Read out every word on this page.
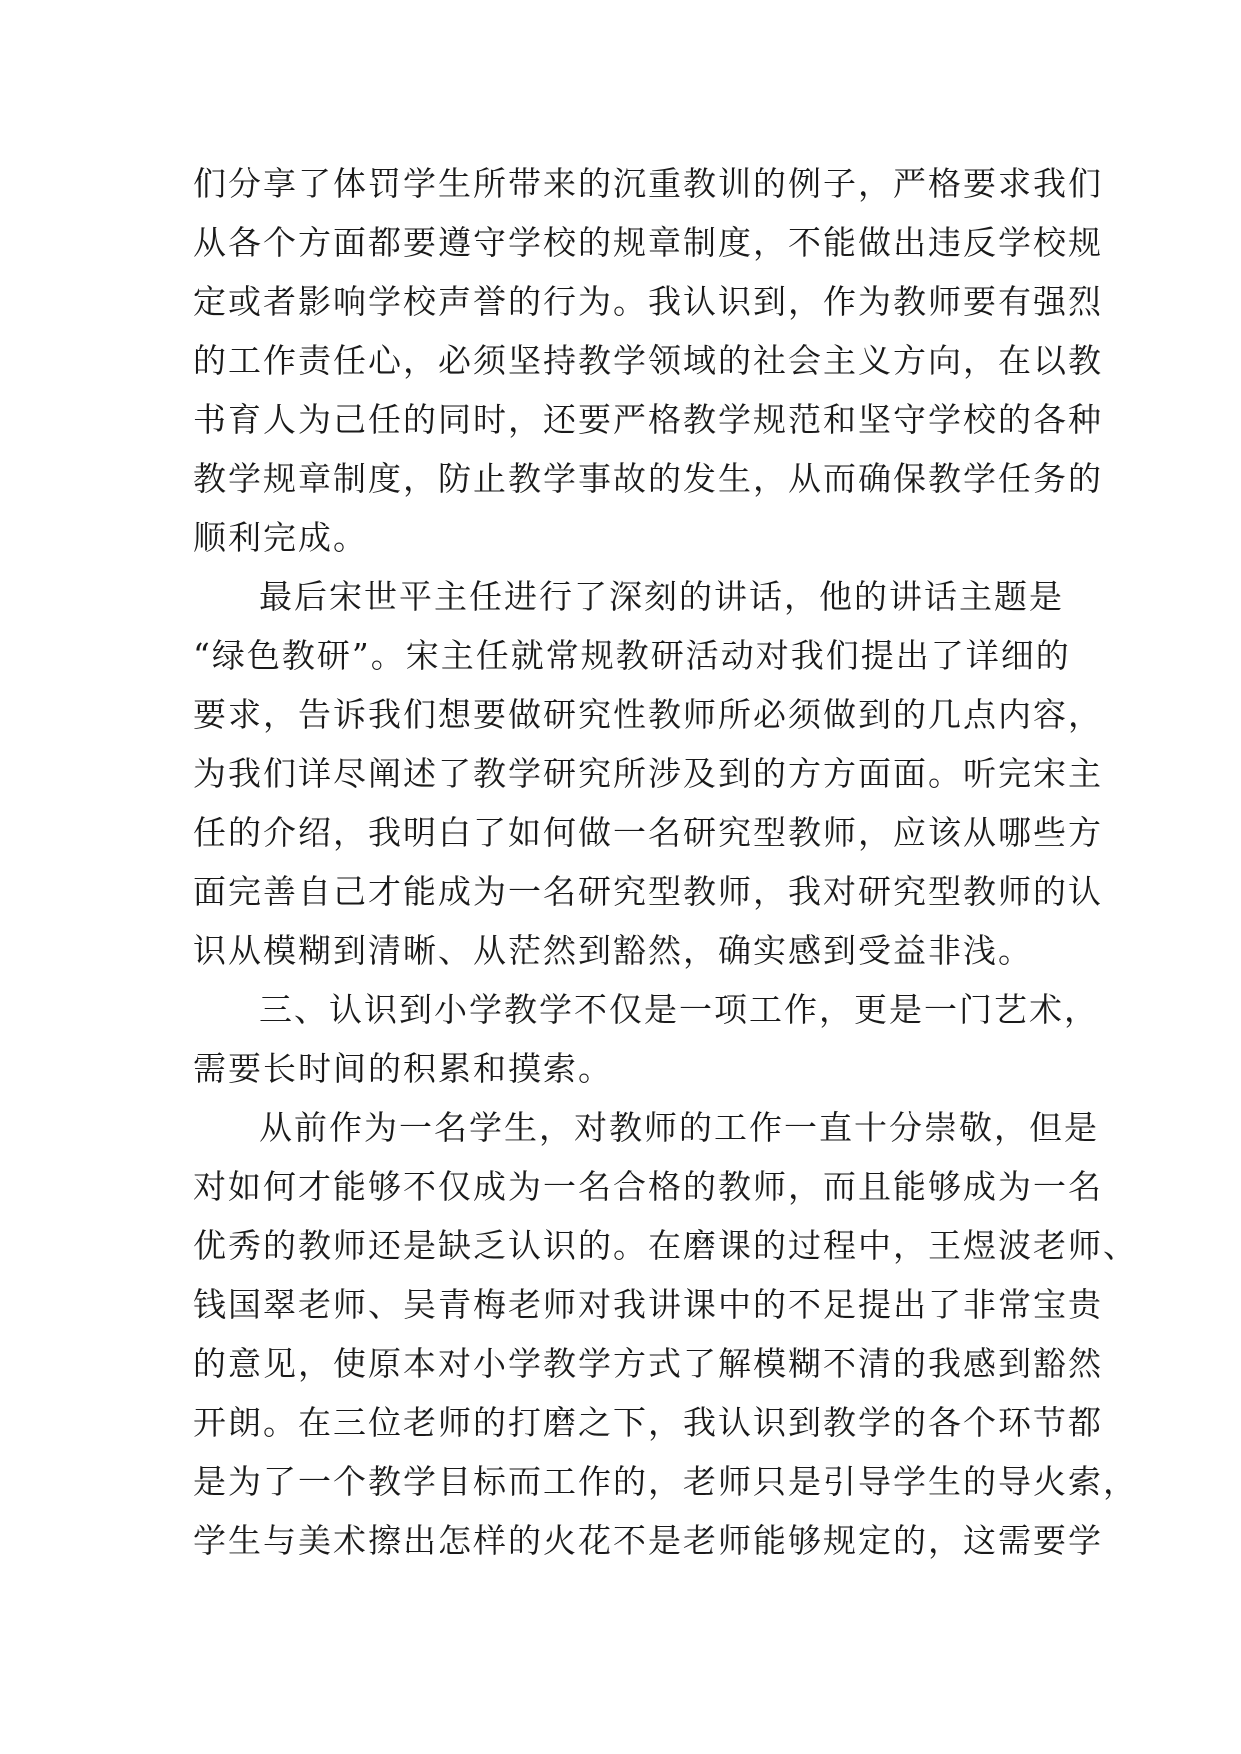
们分享了体罚学生所带来的沉重教训的例子，严格要求我们
从各个方面都要遵守学校的规章制度，不能做出违反学校规
定或者影响学校声誉的行为。我认识到，作为教师要有强烈
的工作责任心，必须坚持教学领域的社会主义方向，在以教
书育人为己任的同时，还要严格教学规范和坚守学校的各种
教学规章制度，防止教学事故的发生，从而确保教学任务的
顺利完成。
最后宋世平主任进行了深刻的讲话，他的讲话主题是
“绿色教研”。宋主任就常规教研活动对我们提出了详细的
要求，告诉我们想要做研究性教师所必须做到的几点内容，
为我们详尽阐述了教学研究所涉及到的方方面面。听完宋主
任的介绍，我明白了如何做一名研究型教师，应该从哪些方
面完善自己才能成为一名研究型教师，我对研究型教师的认
识从模糊到清晰、从茫然到豁然，确实感到受益非浅。
三、认识到小学教学不仅是一项工作，更是一门艺术，
需要长时间的积累和摸索。
从前作为一名学生，对教师的工作一直十分崇敬，但是
对如何才能够不仅成为一名合格的教师，而且能够成为一名
优秀的教师还是缺乏认识的。在磨课的过程中，王煜波老师、
钱国翠老师、吴青梅老师对我讲课中的不足提出了非常宝贵
的意见，使原本对小学教学方式了解模糊不清的我感到豁然
开朗。在三位老师的打磨之下，我认识到教学的各个环节都
是为了一个教学目标而工作的，老师只是引导学生的导火索，
学生与美术擦出怎样的火花不是老师能够规定的，这需要学
